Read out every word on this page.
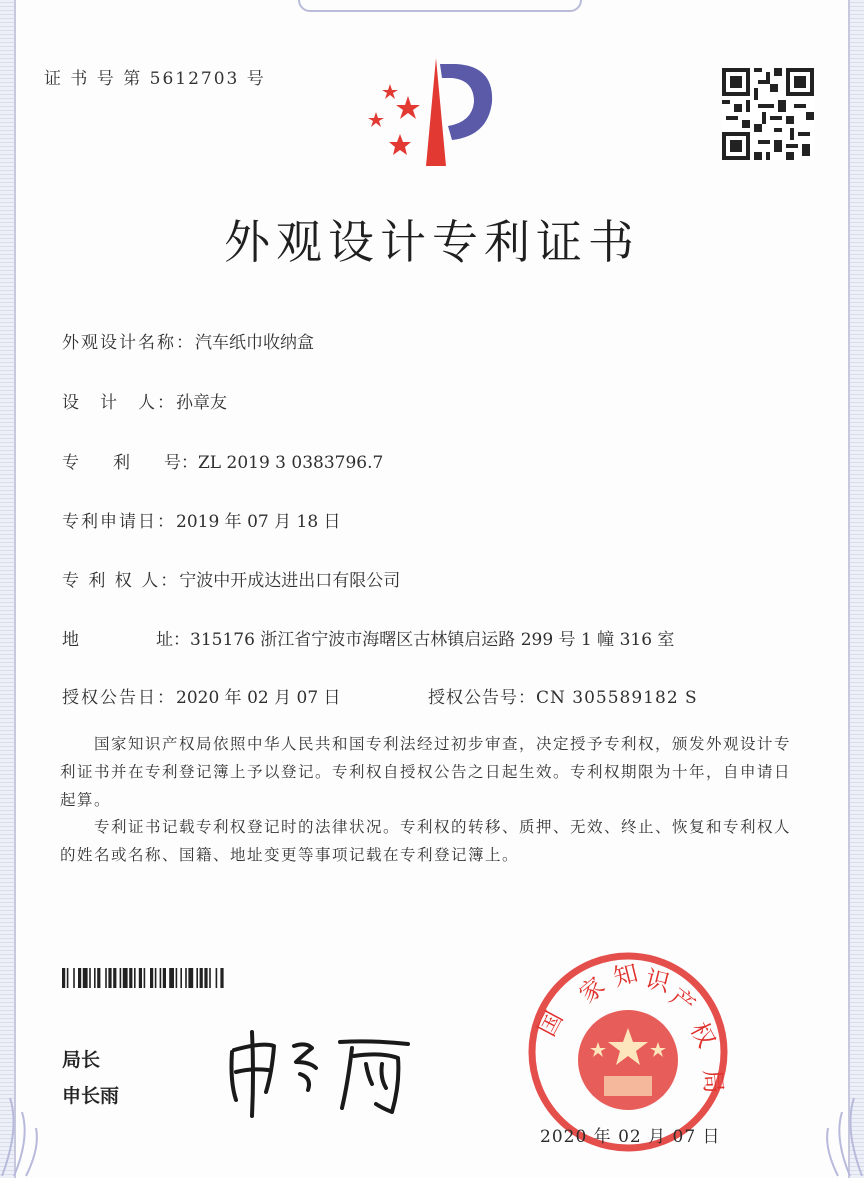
证 书 号 第 5612703 号
外观设计专利证书
外观设计名称：汽车纸巾收纳盒
设　计　人：孙章友
专　　利　　号：ZL 2019 3 0383796.7
专利申请日：2019 年 07 月 18 日
专 利 权 人：宁波中开成达进出口有限公司
地	址：315176 浙江省宁波市海曙区古林镇启运路 299 号 1 幢 316 室
授权公告日：2020 年 02 月 07 日	授权公告号：CN 305589182 S
国家知识产权局依照中华人民共和国专利法经过初步审查，决定授予专利权，颁发外观设计专利证书并在专利登记簿上予以登记。专利权自授权公告之日起生效。专利权期限为十年，自申请日起算。
专利证书记载专利权登记时的法律状况。专利权的转移、质押、无效、终止、恢复和专利权人的姓名或名称、国籍、地址变更等事项记载在专利登记簿上。
局长
申长雨
家 知 识
产
权
局
国
2020 年 02 月 07 日
